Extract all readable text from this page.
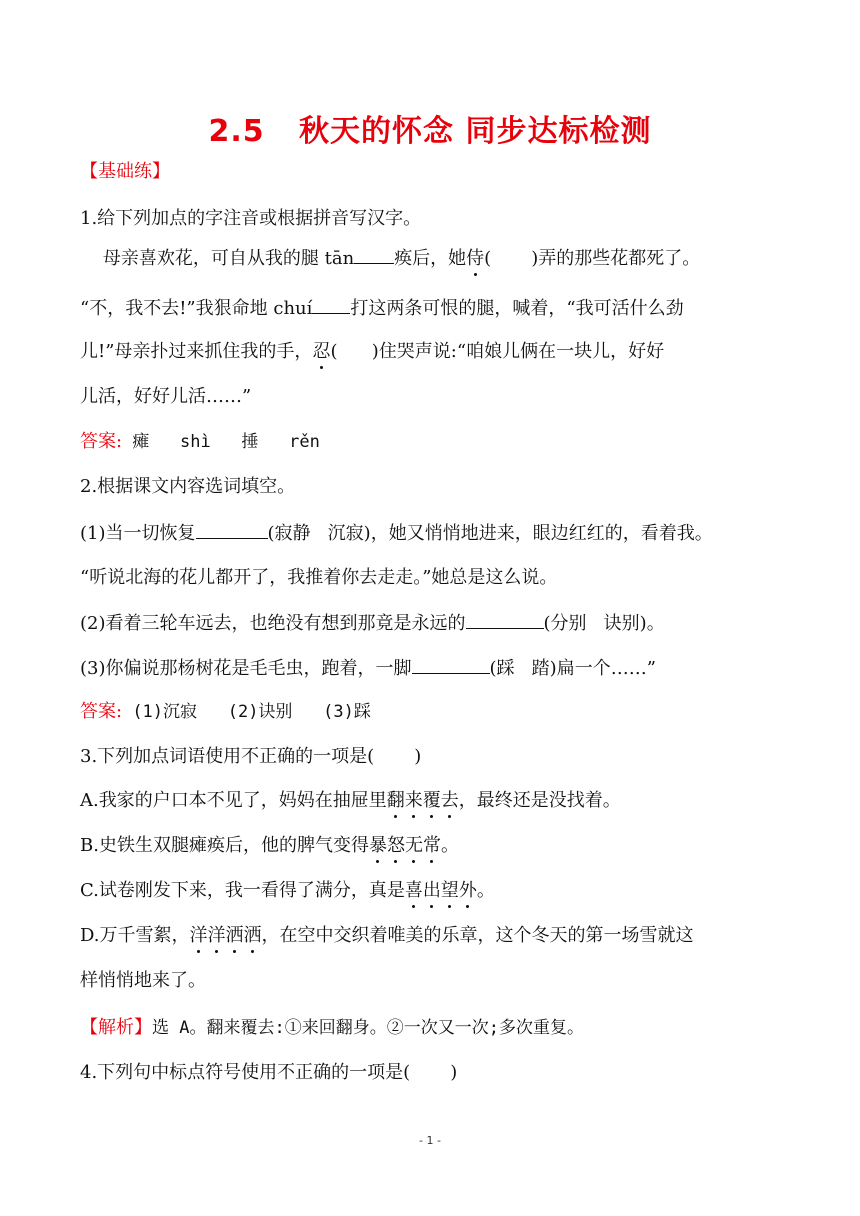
2.5   秋天的怀念 同步达标检测
【基础练】
1.给下列加点的字注音或根据拼音写汉字。
母亲喜欢花，可自从我的腿 tān 痪后，她侍(       )弄的那些花都死了。
“不，我不去!”我狠命地 chuí 打这两条可恨的腿，喊着，“我可活什么劲
儿!”母亲扑过来抓住我的手，忍(      )住哭声说:“咱娘儿俩在一块儿，好好
儿活，好好儿活……”
答案: 瘫   shì   捶   rěn
2.根据课文内容选词填空。
(1)当一切恢复	(寂静   沉寂)，她又悄悄地进来，眼边红红的，看着我。
“听说北海的花儿都开了，我推着你去走走。”她总是这么说。
(2)看着三轮车远去，也绝没有想到那竟是永远的	(分别   诀别)。
(3)你偏说那杨树花是毛毛虫，跑着，一脚	(踩   踏)扁一个……”
答案: (1)沉寂   (2)诀别   (3)踩
3.下列加点词语使用不正确的一项是(       )
A.我家的户口本不见了，妈妈在抽屉里翻来覆去，最终还是没找着。
B.史铁生双腿瘫痪后，他的脾气变得暴怒无常。
C.试卷刚发下来，我一看得了满分，真是喜出望外。
D.万千雪絮，洋洋洒洒，在空中交织着唯美的乐章，这个冬天的第一场雪就这
样悄悄地来了。
【解析】选 A。翻来覆去:①来回翻身。②一次又一次;多次重复。
4.下列句中标点符号使用不正确的一项是(       )
- 1 -
